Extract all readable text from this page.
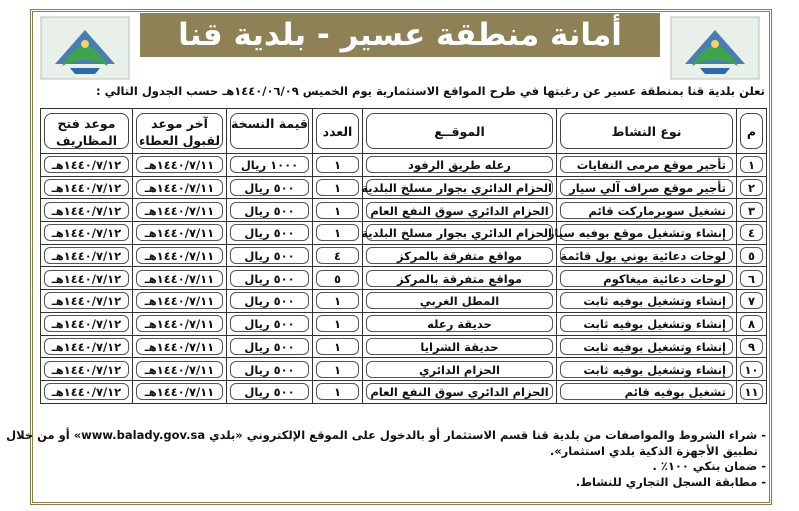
أمانة منطقة عسير - بلدية قنا
تعلن بلدية قنا بمنطقة عسير عن رغبتها في طرح المواقع الاستثمارية يوم الخميس ١٤٤٠/٠٦/٠٩هـ حسب الجدول التالي :
م	نوع النشاط	الموقــع	العدد	قيمة النسخة	آخر موعد لقبول العطاء	موعد فتح المظاريف

١	تأجير موقع مرمى النفايات	رعله طريق الرفود	١	١٠٠٠ ريال	١٤٤٠/٧/١١هـ	١٤٤٠/٧/١٢هـ

٢	تأجير موقع صراف آلي سيار	الحزام الدائري بجوار مسلخ البلدية	١	٥٠٠ ريال	١٤٤٠/٧/١١هـ	١٤٤٠/٧/١٢هـ

٣	تشغيل سوبرماركت قائم	الحزام الدائري سوق النفع العام	١	٥٠٠ ريال	١٤٤٠/٧/١١هـ	١٤٤٠/٧/١٢هـ

٤	إنشاء وتشغيل موقع بوفيه سيار	الحزام الدائري بجوار مسلخ البلدية	١	٥٠٠ ريال	١٤٤٠/٧/١١هـ	١٤٤٠/٧/١٢هـ

٥	لوحات دعائية يوني بول قائمة	مواقع متفرقة بالمركز	٤	٥٠٠ ريال	١٤٤٠/٧/١١هـ	١٤٤٠/٧/١٢هـ

٦	لوحات دعائية ميغاكوم	مواقع متفرقة بالمركز	٥	٥٠٠ ريال	١٤٤٠/٧/١١هـ	١٤٤٠/٧/١٢هـ

٧	إنشاء وتشغيل بوفيه ثابت	المطل الغربي	١	٥٠٠ ريال	١٤٤٠/٧/١١هـ	١٤٤٠/٧/١٢هـ

٨	إنشاء وتشغيل بوفيه ثابت	حديقة رعله	١	٥٠٠ ريال	١٤٤٠/٧/١١هـ	١٤٤٠/٧/١٢هـ

٩	إنشاء وتشغيل بوفيه ثابت	حديقة الشرايا	١	٥٠٠ ريال	١٤٤٠/٧/١١هـ	١٤٤٠/٧/١٢هـ

١٠	إنشاء وتشغيل بوفيه ثابت	الحزام الدائري	١	٥٠٠ ريال	١٤٤٠/٧/١١هـ	١٤٤٠/٧/١٢هـ

١١	تشغيل بوفيه قائم	الحزام الدائري سوق النفع العام	١	٥٠٠ ريال	١٤٤٠/٧/١١هـ	١٤٤٠/٧/١٢هـ
- شراء الشروط والمواصفات من بلدية قنا قسم الاستثمار أو بالدخول على الموقع الإلكتروني «بلدي www.balady.gov.sa» أو من خلال
تطبيق الأجهزة الذكية بلدي استثمار».
- ضمان بنكي ١٠٠٪ .
- مطابقة السجل التجاري للنشاط.
